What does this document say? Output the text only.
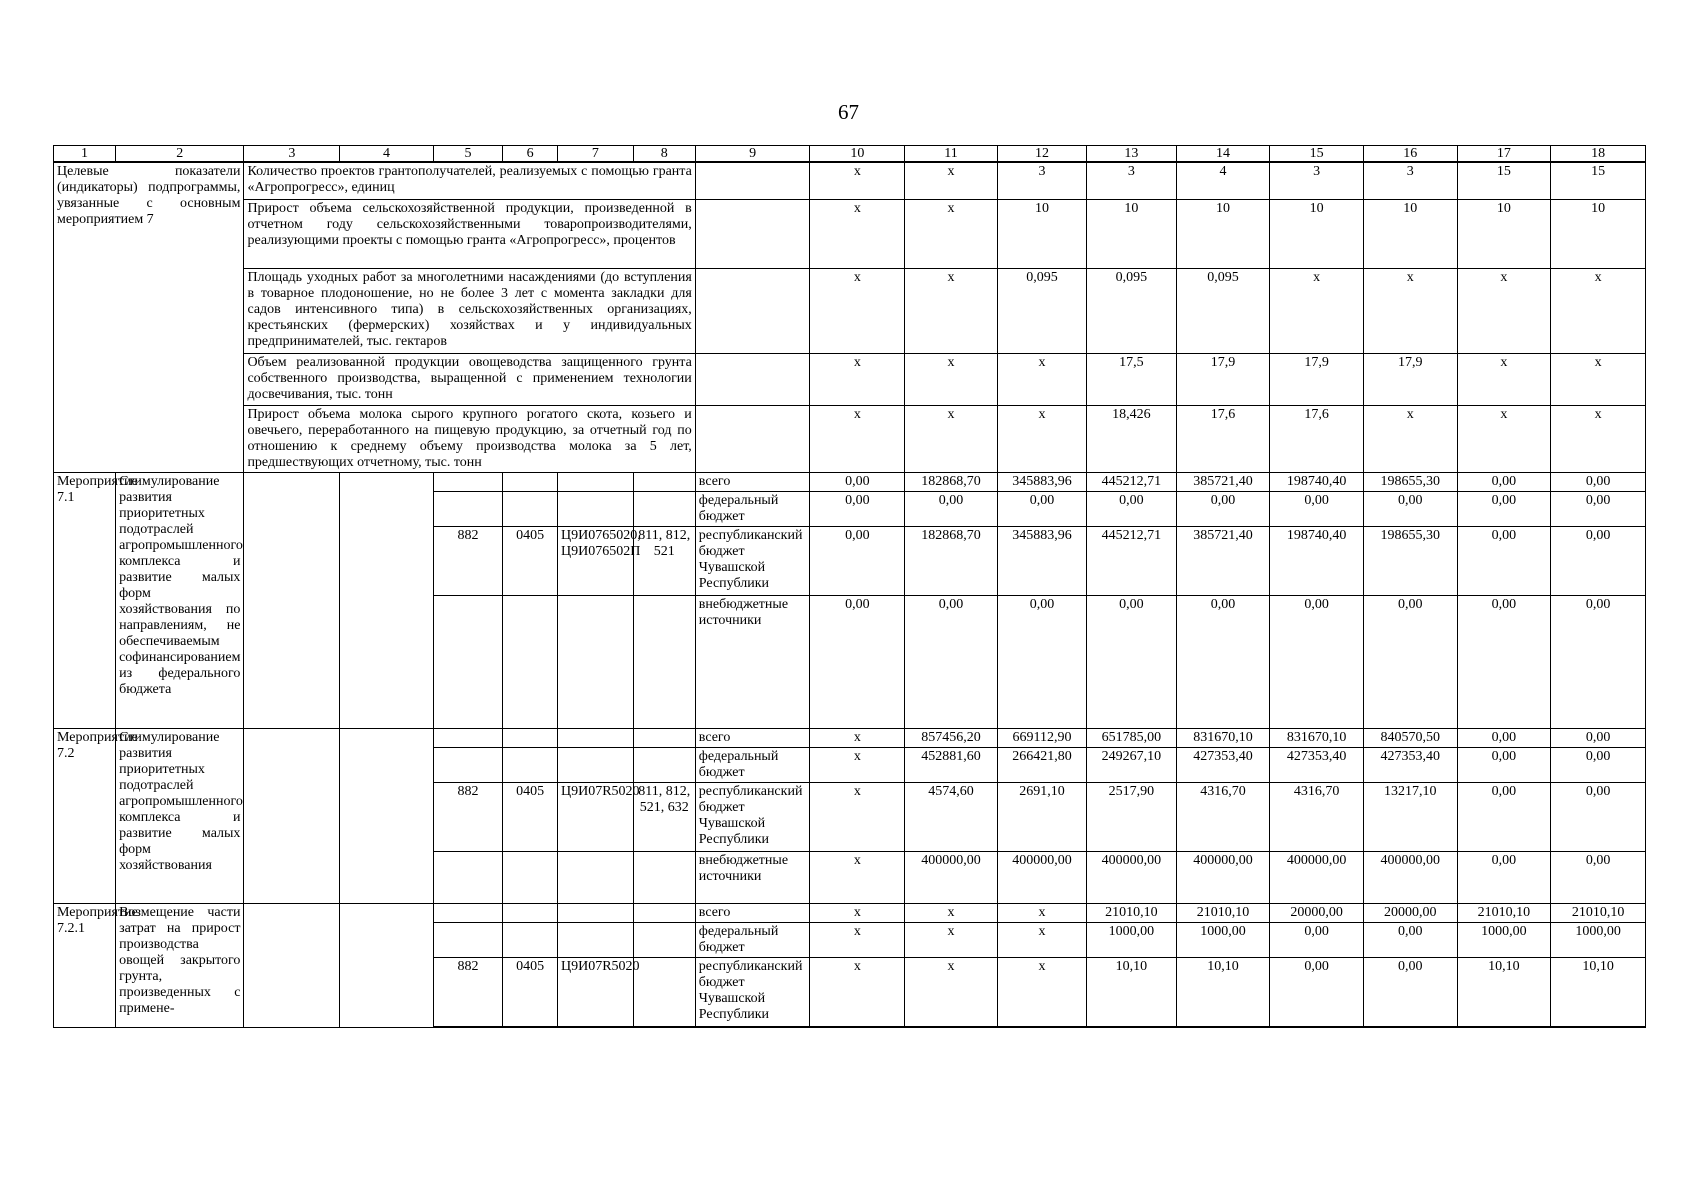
67
1	2	3	4	5	6	7	8	9	10	11	12	13	14	15	16	17	18
Целевые показатели (индикаторы) подпрограммы, увязанные с основным мероприятием 7		Количество проектов грантополучателей, реализуемых с помощью гранта «Агропрогресс», единиц							x	x	3	3	4	3	3	15	15
		Прирост объема сельскохозяйственной продукции, произведенной в отчетном году сельскохозяйственными товаропроизводителями, реализующими проекты с помощью гранта «Агропрогресс», процентов							x	x	10	10	10	10	10	10	10
		Площадь уходных работ за многолетними насаждениями (до вступления в товарное плодоношение, но не более 3 лет с момента закладки для садов интенсивного типа) в сельскохозяйственных организациях, крестьянских (фермерских) хозяйствах и у индивидуальных предпринимателей, тыс. гектаров							x	x	0,095	0,095	0,095	x	x	x	x
		Объем реализованной продукции овощеводства защищенного грунта собственного производства, выращенной с применением технологии досвечивания, тыс. тонн							x	x	x	17,5	17,9	17,9	17,9	x	x
		Прирост объема молока сырого крупного рогатого скота, козьего и овечьего, переработанного на пищевую продукцию, за отчетный год по отношению к среднему объему производства молока за 5 лет, предшествующих отчетному, тыс. тонн							x	x	x	18,426	17,6	17,6	x	x	x
Мероприятие 7.1	Стимулирование развития приоритетных подотраслей агропромышленного комплекса и развитие малых форм хозяйствования по направлениям, не обеспечиваемым софинансированием из федерального бюджета							всего	0,00	182868,70	345883,96	445212,71	385721,40	198740,40	198655,30	0,00	0,00
								федеральный бюджет	0,00	0,00	0,00	0,00	0,00	0,00	0,00	0,00	0,00
				882	0405	Ц9И0765020, Ц9И076502П	811, 812, 521	республиканский бюджет Чувашской Республики	0,00	182868,70	345883,96	445212,71	385721,40	198740,40	198655,30	0,00	0,00
								внебюджетные источники	0,00	0,00	0,00	0,00	0,00	0,00	0,00	0,00	0,00
Мероприятие 7.2	Стимулирование развития приоритетных подотраслей агропромышленного комплекса и развитие малых форм хозяйствования							всего	x	857456,20	669112,90	651785,00	831670,10	831670,10	840570,50	0,00	0,00
								федеральный бюджет	x	452881,60	266421,80	249267,10	427353,40	427353,40	427353,40	0,00	0,00
				882	0405	Ц9И07R5020	811, 812, 521, 632	республиканский бюджет Чувашской Республики	x	4574,60	2691,10	2517,90	4316,70	4316,70	13217,10	0,00	0,00
								внебюджетные источники	x	400000,00	400000,00	400000,00	400000,00	400000,00	400000,00	0,00	0,00
Мероприятие 7.2.1	Возмещение части затрат на прирост производства овощей закрытого грунта, произведенных с примене-							всего	x	x	x	21010,10	21010,10	20000,00	20000,00	21010,10	21010,10
								федеральный бюджет	x	x	x	1000,00	1000,00	0,00	0,00	1000,00	1000,00
				882	0405	Ц9И07R5020		республиканский бюджет Чувашской Республики	x	x	x	10,10	10,10	0,00	0,00	10,10	10,10
